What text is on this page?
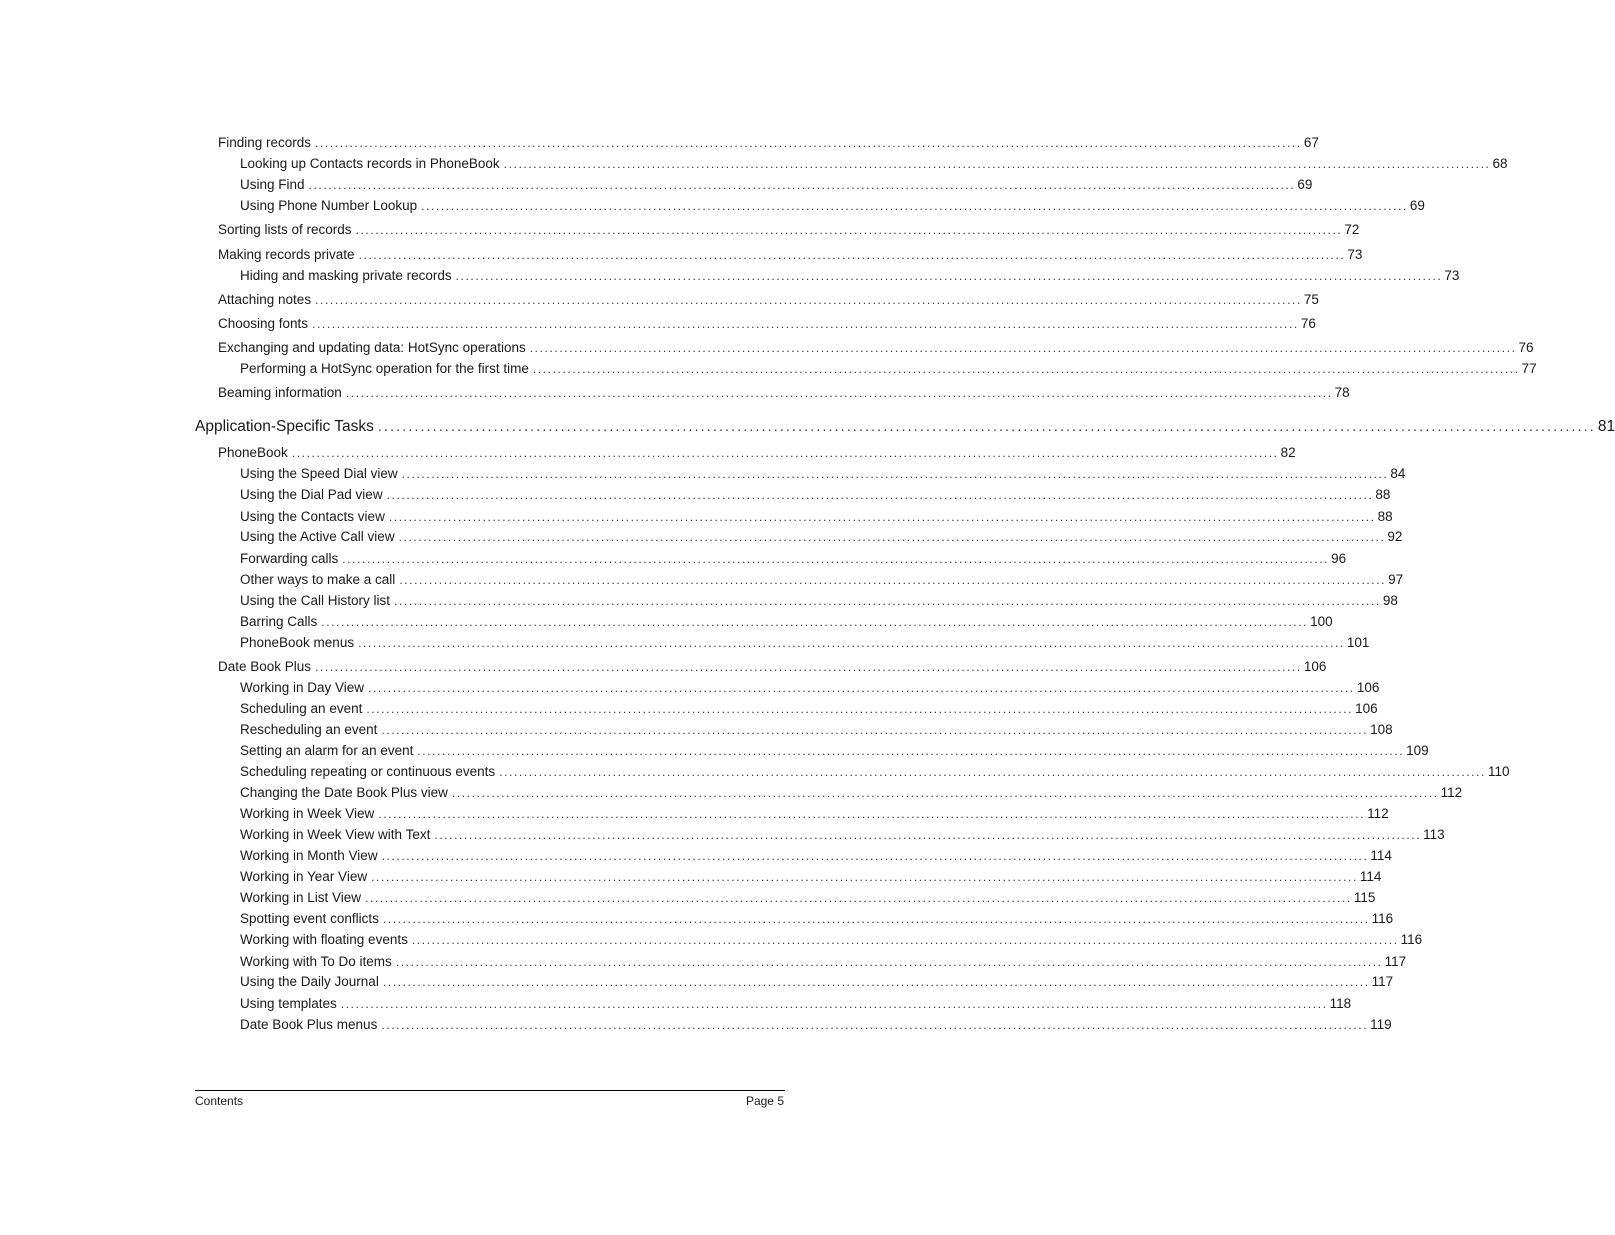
Finding records ........................................................................................................................................................................................................ 67
Looking up Contacts records in PhoneBook ........................................................................................................................................................................................................ 68
Using Find ........................................................................................................................................................................................................ 69
Using Phone Number Lookup ........................................................................................................................................................................................................ 69
Sorting lists of records ........................................................................................................................................................................................................ 72
Making records private ........................................................................................................................................................................................................ 73
Hiding and masking private records ........................................................................................................................................................................................................ 73
Attaching notes ........................................................................................................................................................................................................ 75
Choosing fonts ........................................................................................................................................................................................................ 76
Exchanging and updating data: HotSync operations ........................................................................................................................................................................................................ 76
Performing a HotSync operation for the first time ........................................................................................................................................................................................................ 77
Beaming information ........................................................................................................................................................................................................ 78
Application-Specific Tasks ........................................................................................................................................................................................................ 81
PhoneBook ........................................................................................................................................................................................................ 82
Using the Speed Dial view ........................................................................................................................................................................................................ 84
Using the Dial Pad view ........................................................................................................................................................................................................ 88
Using the Contacts view ........................................................................................................................................................................................................ 88
Using the Active Call view ........................................................................................................................................................................................................ 92
Forwarding calls ........................................................................................................................................................................................................ 96
Other ways to make a call ........................................................................................................................................................................................................ 97
Using the Call History list ........................................................................................................................................................................................................ 98
Barring Calls ........................................................................................................................................................................................................ 100
PhoneBook menus ........................................................................................................................................................................................................ 101
Date Book Plus ........................................................................................................................................................................................................ 106
Working in Day View ........................................................................................................................................................................................................ 106
Scheduling an event ........................................................................................................................................................................................................ 106
Rescheduling an event ........................................................................................................................................................................................................ 108
Setting an alarm for an event ........................................................................................................................................................................................................ 109
Scheduling repeating or continuous events ........................................................................................................................................................................................................ 110
Changing the Date Book Plus view ........................................................................................................................................................................................................ 112
Working in Week View ........................................................................................................................................................................................................ 112
Working in Week View with Text ........................................................................................................................................................................................................ 113
Working in Month View ........................................................................................................................................................................................................ 114
Working in Year View ........................................................................................................................................................................................................ 114
Working in List View ........................................................................................................................................................................................................ 115
Spotting event conflicts ........................................................................................................................................................................................................ 116
Working with floating events ........................................................................................................................................................................................................ 116
Working with To Do items ........................................................................................................................................................................................................ 117
Using the Daily Journal ........................................................................................................................................................................................................ 117
Using templates ........................................................................................................................................................................................................ 118
Date Book Plus menus ........................................................................................................................................................................................................ 119
Contents	Page 5
